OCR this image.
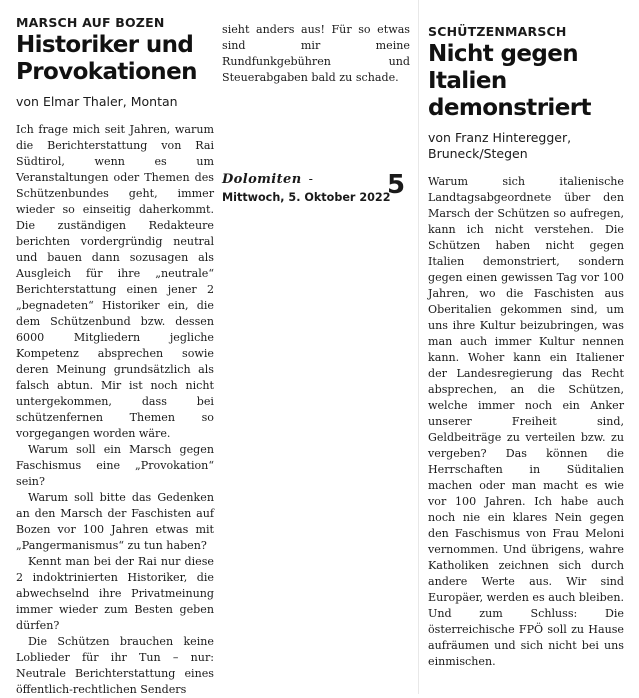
MARSCH AUF BOZEN
Historiker und
Provokationen
von Elmar Thaler, Montan

Ich frage mich seit Jahren, warum die Berichterstattung von Rai Südtirol, wenn es um Veranstaltungen oder Themen des Schützenbundes geht, immer wieder so einseitig daherkommt. Die zuständigen Redakteure berichten vordergründig neutral und bauen dann sozusagen als Ausgleich für ihre „neutrale“ Berichterstattung einen jener 2 „begnadeten“ Historiker ein, die dem Schützenbund bzw. dessen 6000 Mitgliedern jegliche Kompetenz absprechen sowie deren Meinung grundsätzlich als falsch abtun. Mir ist noch nicht untergekommen, dass bei schützenfernen Themen so vorgegangen worden wäre.

Warum soll ein Marsch gegen Faschismus eine „Provokation“ sein?

Warum soll bitte das Gedenken an den Marsch der Faschisten auf Bozen vor 100 Jahren etwas mit „Pangermanismus“ zu tun haben?

Kennt man bei der Rai nur diese 2 indoktrinierten Historiker, die abwechselnd ihre Privatmeinung immer wieder zum Besten geben dürfen?

Die Schützen brauchen keine Loblieder für ihr Tun – nur: Neutrale Berichterstattung eines öffentlich-rechtlichen Senders

sieht anders aus! Für so etwas sind mir meine Rundfunkgebühren und Steuerabgaben bald zu schade.

Dolomiten -
Mittwoch, 5. Oktober 2022
5
SCHÜTZENMARSCH
Nicht gegen Italien
demonstriert
von Franz Hinteregger,
Bruneck/Stegen

Warum sich italienische Landtagsabgeordnete über den Marsch der Schützen so aufregen, kann ich nicht verstehen. Die Schützen haben nicht gegen Italien demonstriert, sondern gegen einen gewissen Tag vor 100 Jahren, wo die Faschisten aus Oberitalien gekommen sind, um uns ihre Kultur beizubringen, was man auch immer Kultur nennen kann. Woher kann ein Italiener der Landesregierung das Recht absprechen, an die Schützen, welche immer noch ein Anker unserer Freiheit sind, Geldbeiträge zu verteilen bzw. zu vergeben? Das können die Herrschaften in Süditalien machen oder man macht es wie vor 100 Jahren. Ich habe auch noch nie ein klares Nein gegen den Faschismus von Frau Meloni vernommen. Und übrigens, wahre Katholiken zeichnen sich durch andere Werte aus. Wir sind Europäer, werden es auch bleiben. Und zum Schluss: Die österreichische FPÖ soll zu Hause aufräumen und sich nicht bei uns einmischen.
